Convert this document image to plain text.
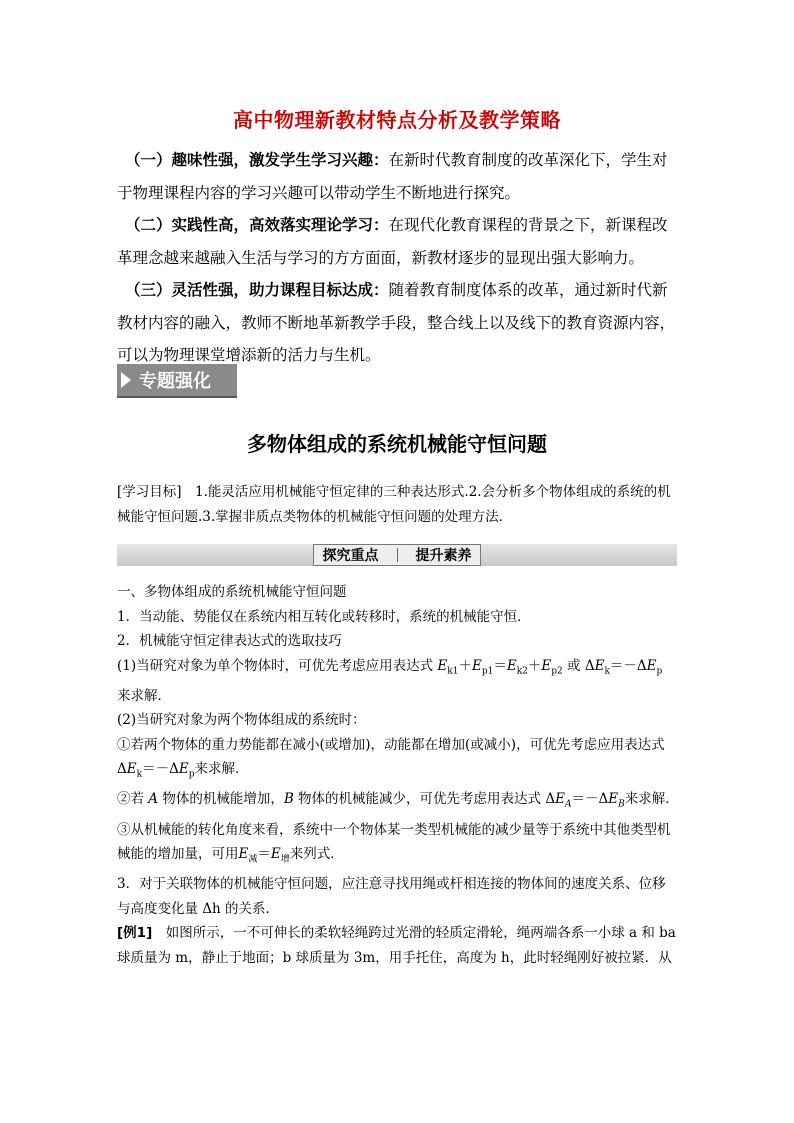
高中物理新教材特点分析及教学策略

（一）趣味性强，激发学生学习兴趣：在新时代教育制度的改革深化下，学生对于物理课程内容的学习兴趣可以带动学生不断地进行探究。

（二）实践性高，高效落实理论学习：在现代化教育课程的背景之下，新课程改革理念越来越融入生活与学习的方方面面，新教材逐步的显现出强大影响力。

（三）灵活性强，助力课程目标达成：随着教育制度体系的改革，通过新时代新教材内容的融入，教师不断地革新教学手段，整合线上以及线下的教育资源内容，可以为物理课堂增添新的活力与生机。

专题强化
多物体组成的系统机械能守恒问题

[学习目标]　1.能灵活应用机械能守恒定律的三种表达形式.2.会分析多个物体组成的系统的机械能守恒问题.3.掌握非质点类物体的机械能守恒问题的处理方法．

探究重点	提升素养

一、多物体组成的系统机械能守恒问题

1．当动能、势能仅在系统内相互转化或转移时，系统的机械能守恒．

2．机械能守恒定律表达式的选取技巧

(1)当研究对象为单个物体时，可优先考虑应用表达式 $E_{k1}+E_{p1}=E_{k2}+E_{p2}$ 或 $\Delta E_k=-\Delta E_p$ 来求解．

(2)当研究对象为两个物体组成的系统时：

①若两个物体的重力势能都在减小(或增加)，动能都在增加(或减小)，可优先考虑应用表达式$\Delta E_k=-\Delta E_p$来求解．

②若 A 物体的机械能增加，B 物体的机械能减少，可优先考虑用表达式 $\Delta E_A=-\Delta E_B$来求解．

③从机械能的转化角度来看，系统中一个物体某一类型机械能的减少量等于系统中其他类型机械能的增加量，可用$E_减=E_增$来列式．

3．对于关联物体的机械能守恒问题，应注意寻找用绳或杆相连接的物体间的速度关系、位移与高度变化量 Δh 的关系．

[例1]　如图所示，一不可伸长的柔软轻绳跨过光滑的轻质定滑轮，绳两端各系一小球 a 和 ba 球质量为 m，静止于地面；b 球质量为 3m，用手托住，高度为 h，此时轻绳刚好被拉紧．从
